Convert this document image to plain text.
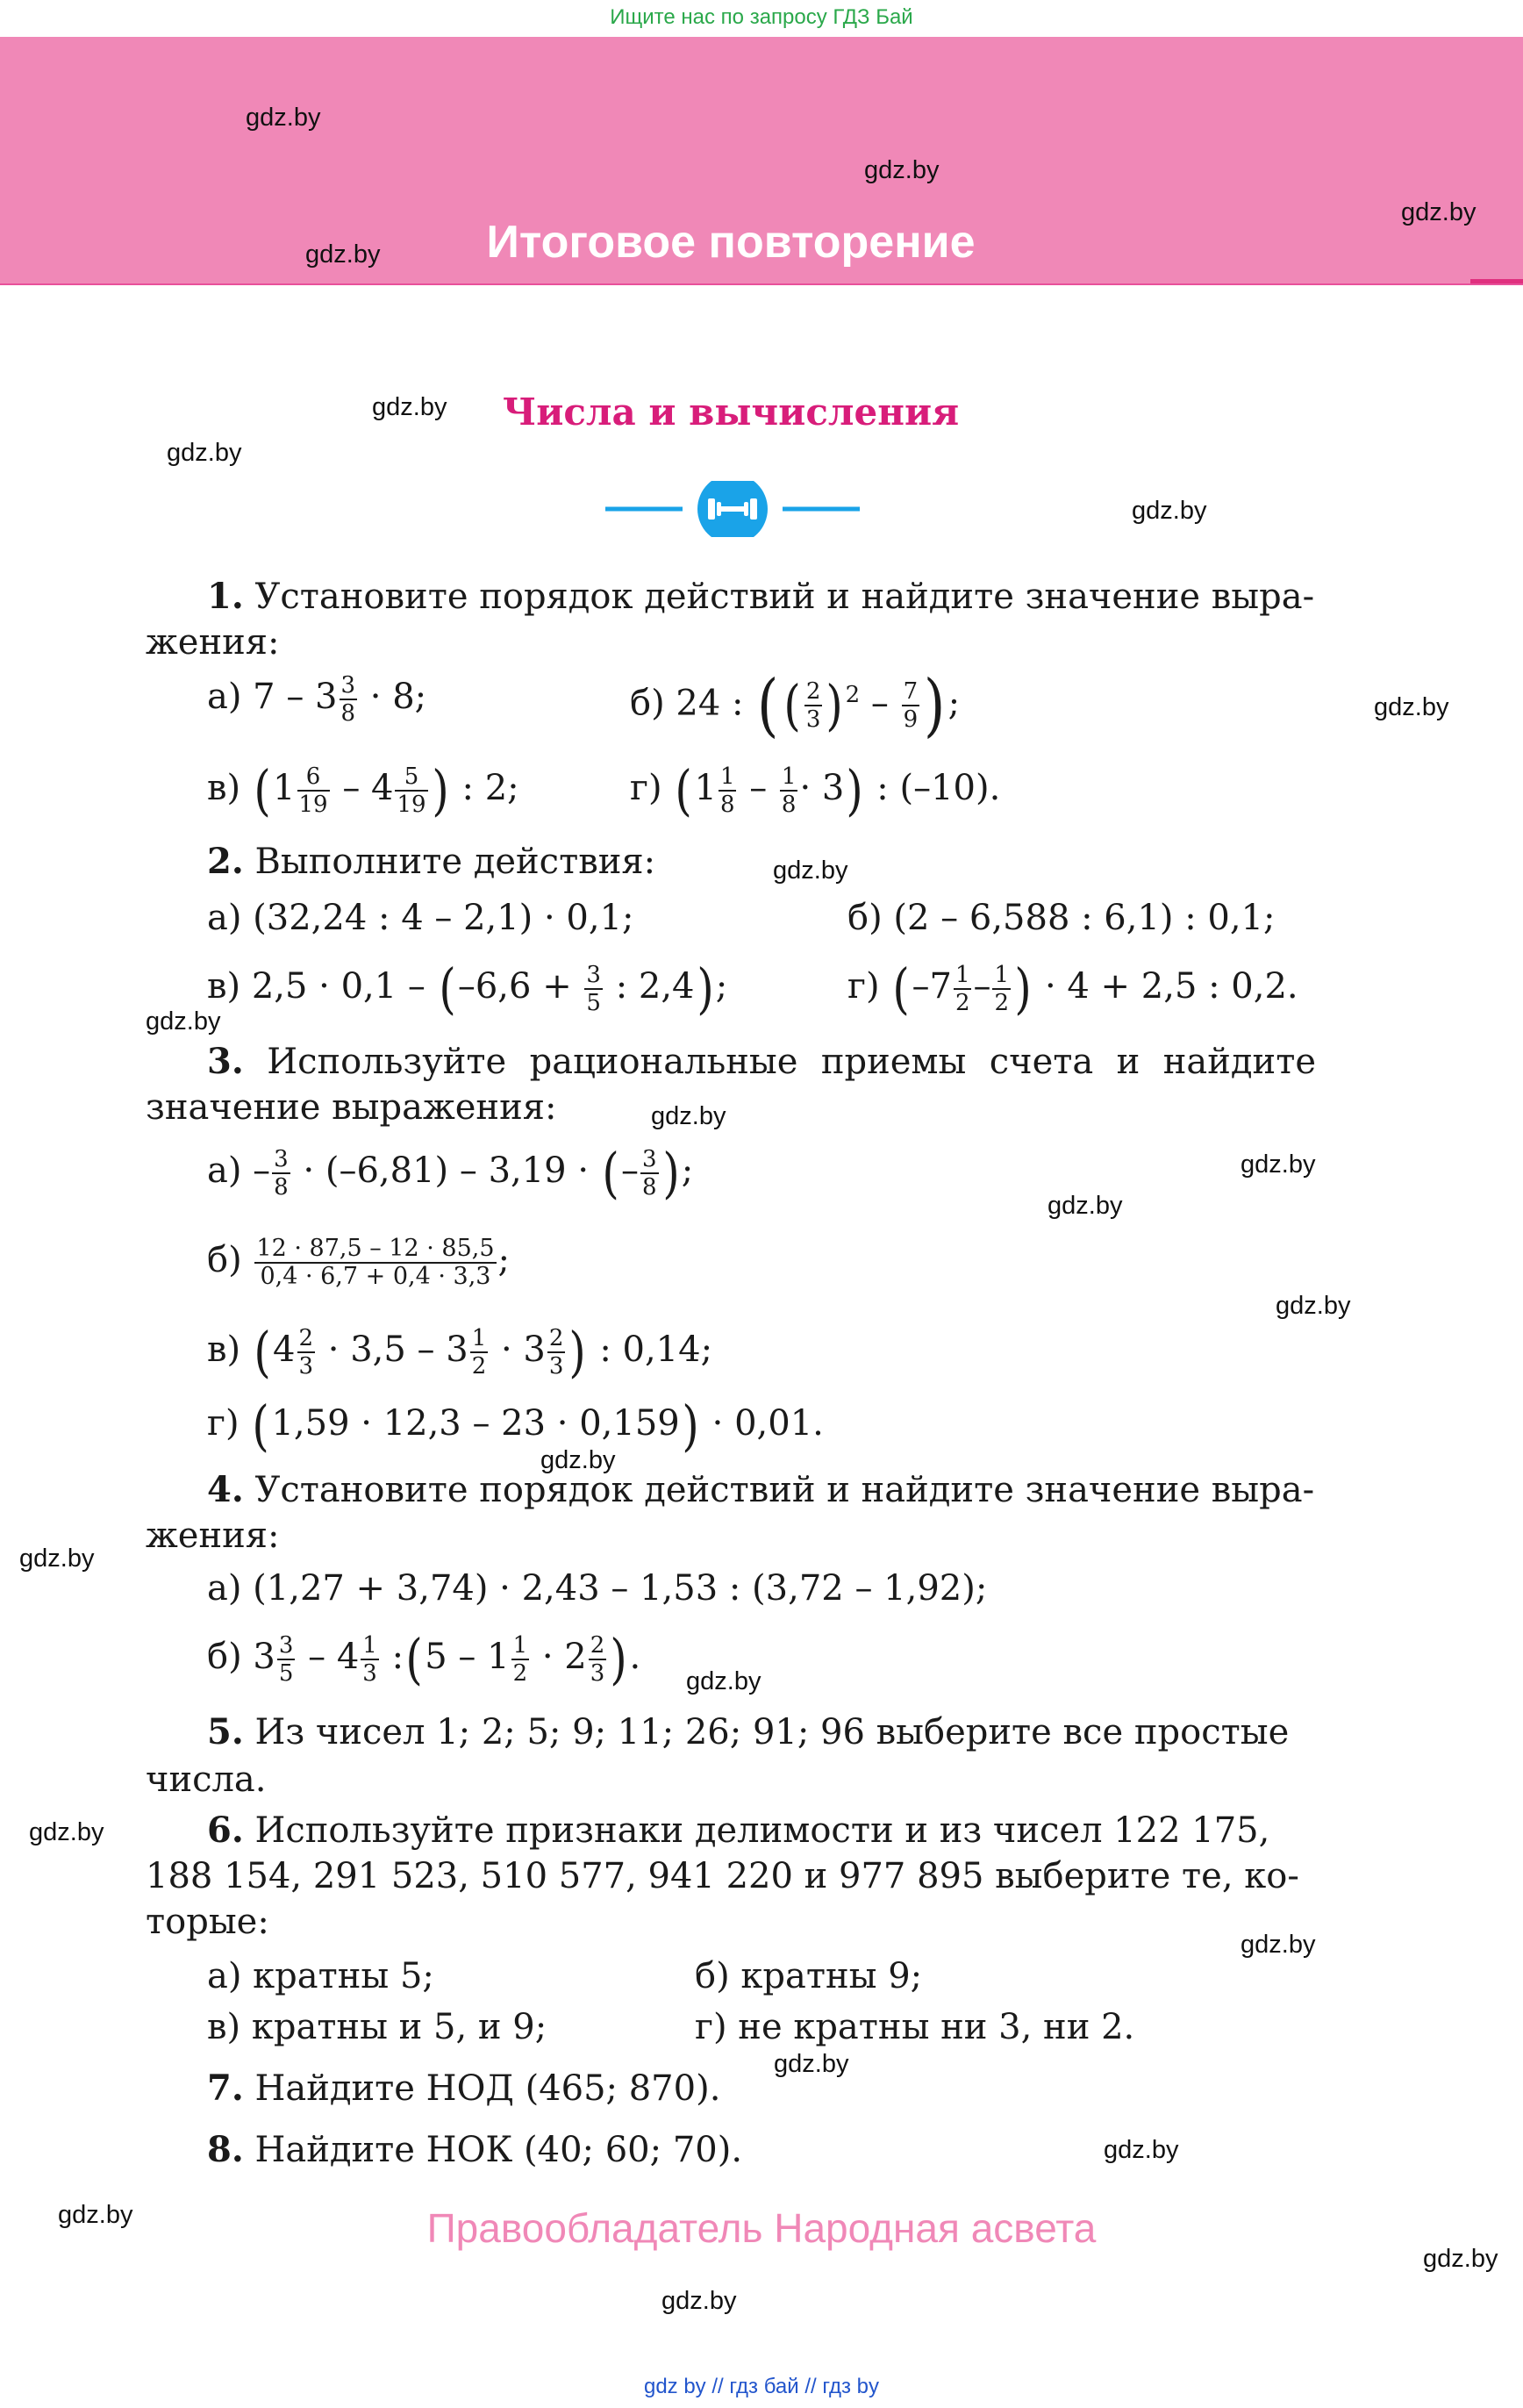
Ищите нас по запросу ГДЗ Бай
Итоговое повторение
gdz.by
gdz.by
gdz.by
gdz.by
gdz.by
gdz.by
gdz.by
gdz.by
gdz.by
gdz.by
gdz.by
gdz.by
gdz.by
gdz.by
gdz.by
gdz.by
gdz.by
gdz.by
gdz.by
gdz.by
gdz.by
gdz.by
gdz.by
gdz.by
Числа и вычисления
1. Установите порядок действий и найдите значение выра-
жения:
а) $7 - 3 \frac{3}{8} \cdot 8$;	б) 24 : (( $\frac{2}{3} )^2 - \frac{7}{9}$ );
в) ($1 \frac{6}{19} - 4 \frac{5}{19}$ ) : 2;	г) $(1 \frac{1}{8} - \frac{1}{8} \cdot 3)$ : (–10).
2. Выполните действия:
а) (32,24 : 4 – 2,1) · 0,1;	б) (2 – 6,588 : 6,1) : 0,1;
в) $2,5 \cdot 0,1 - (-6,6 + \frac{3}{5}$ : 2,4);	г) ($-7 \frac{1}{2} - \frac{1}{2}$ ) · 4 + 2,5 : 0,2.
3. Используйте рациональные приемы счета и найдите
значение выражения:
$а) - \frac{3}{8} \cdot (-6,81) - 3,19$ · (– $\frac{3}{8}$ );
$б) \frac{12 \cdot 87,5 - 12 \cdot 85,5}{0,4 \cdot 6,7 + 0,4 \cdot 3,3}$ ;
в) ($4 \frac{2}{3} \cdot 3,5 - 3 \frac{1}{2} \cdot 3 \frac{2}{3}$ ) : 0,14;
г) (1,59 · 12,3 – 23 · 0,159) · 0,01.
4. Установите порядок действий и найдите значение выра-
жения:
а) (1,27 + 3,74) · 2,43 – 1,53 : (3,72 – 1,92);
б) $3 \frac{3}{5} - 4 \frac{1}{3}$ :(5 – $1 \frac{1}{2} \cdot 2 \frac{2}{3}$ ).
5. Из чисел 1; 2; 5; 9; 11; 26; 91; 96 выберите все простые
числа.
6. Используйте признаки делимости и из чисел 122 175,
188 154, 291 523, 510 577, 941 220 и 977 895 выберите те, ко-
торые:
а) кратны 5;	б) кратны 9;
в) кратны и 5, и 9;	г) не кратны ни 3, ни 2.
7. Найдите НОД (465; 870).
8. Найдите НОК (40; 60; 70).
Правообладатель Народная асвета
gdz by // гдз бай // гдз by
